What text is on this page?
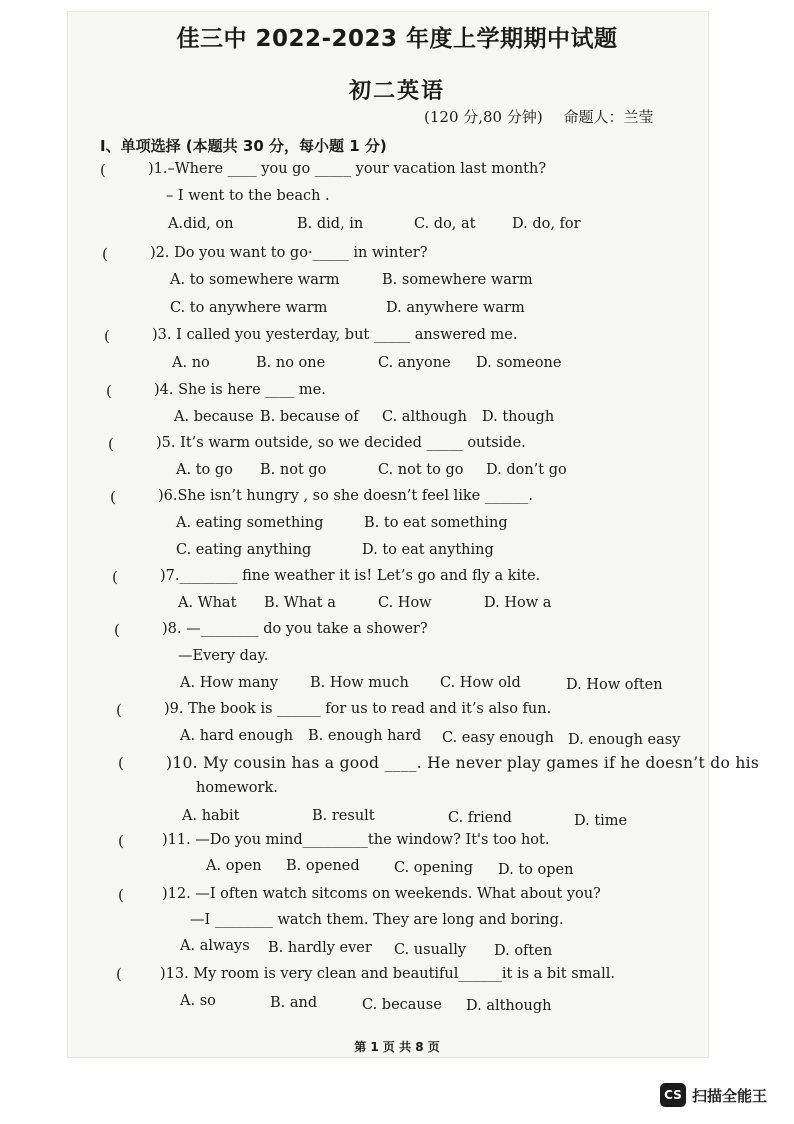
佳三中 2022-2023 年度上学期期中试题
初二英语
(120 分,80 分钟) 命题人：兰莹
I、单项选择 (本题共 30 分，每小题 1 分)
(	)1.–Where ____ you go _____ your vacation last month?
– I went to the beach .
A.did, on	B. did, in	C. do, at	D. do, for
(	)2. Do you want to go·_____ in winter?
A. to somewhere warm	B. somewhere warm
C. to anywhere warm	D. anywhere warm
(	)3. I called you yesterday, but _____ answered me.
A. no	B. no one	C. anyone D. someone
(	)4. She is here ____ me.
A. because B. because of C. although D. though
(	)5. It’s warm outside, so we decided _____ outside.
A. to go B. not go	C. not to go D. don’t go
(	)6.She isn’t hungry , so she doesn’t feel like ______.
A. eating something	B. to eat something
C. eating anything	D. to eat anything
(	)7.________ fine weather it is! Let’s go and fly a kite.
A. What B. What a	C. How	D. How a
(	)8. —________ do you take a shower?
—Every day.
A. How many B. How much C. How old	D. How often
(	)9. The book is ______ for us to read and it’s also fun.
A. hard enough B. enough hard C. easy enough D. enough easy
(	)10. My cousin has a good ____. He never play games if he doesn’t do his
homework.
A. habit	B. result	C. friend	D. time
(	)11. —Do you mind_________the window? It's too hot.
A. open B. opened C. opening D. to open
(	)12. —I often watch sitcoms on weekends. What about you?
—I ________ watch them. They are long and boring.
A. always B. hardly ever C. usually D. often
(	)13. My room is very clean and beautiful______it is a bit small.
A. so	B. and	C. because D. although
第 1 页 共 8 页
CS 扫描全能王
